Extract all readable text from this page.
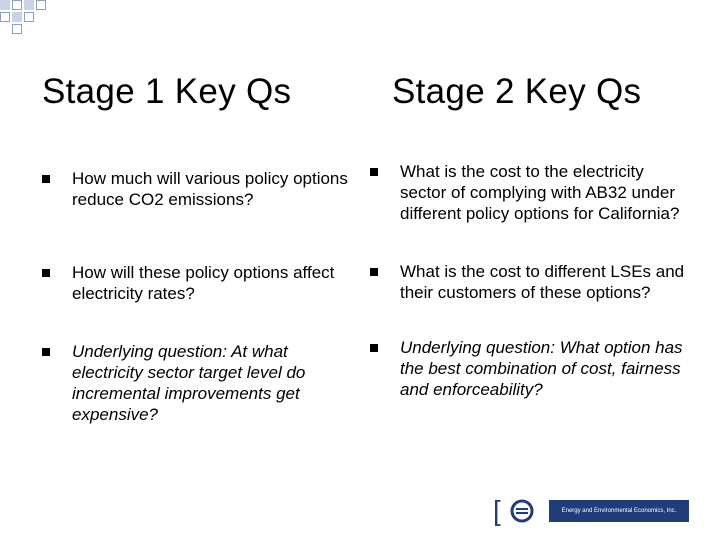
Stage 1 Key Qs	Stage 2 Key Qs
How much will various policy options reduce CO2 emissions?
How will these policy options affect electricity rates?
Underlying question: At what electricity sector target level do incremental improvements get expensive?
What is the cost to the electricity sector of complying with AB32 under different policy options for California?
What is the cost to different LSEs and their customers of these options?
Underlying question: What option has the best combination of cost, fairness and enforceability?
[	Energy and Environmental Economics, Inc.
